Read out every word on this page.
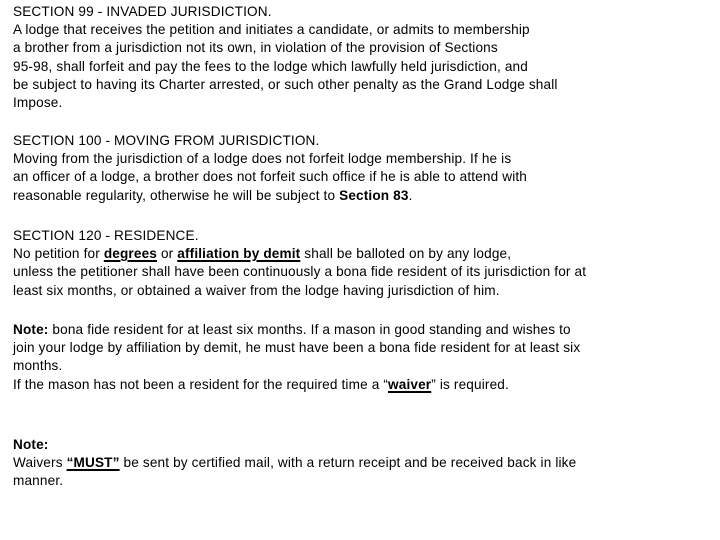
SECTION 99 - INVADED JURISDICTION.
A lodge that receives the petition and initiates a candidate, or admits to membership
a brother from a jurisdiction not its own, in violation of the provision of Sections
95-98, shall forfeit and pay the fees to the lodge which lawfully held jurisdiction, and
be subject to having its Charter arrested, or such other penalty as the Grand Lodge shall
Impose.
SECTION 100 - MOVING FROM JURISDICTION.
Moving from the jurisdiction of a lodge does not forfeit lodge membership. If he is
an officer of a lodge, a brother does not forfeit such office if he is able to attend with
reasonable regularity, otherwise he will be subject to Section 83.
SECTION 120 - RESIDENCE.
No petition for degrees or affiliation by demit shall be balloted on by any lodge,
unless the petitioner shall have been continuously a bona fide resident of its jurisdiction for at
least six months, or obtained a waiver from the lodge having jurisdiction of him.
Note: bona fide resident for at least six months. If a mason in good standing and wishes to
join your lodge by affiliation by demit, he must have been a bona fide resident for at least six
months.
If the mason has not been a resident for the required time a “waiver” is required.
Note:
Waivers “MUST” be sent by certified mail, with a return receipt and be received back in like
manner.
